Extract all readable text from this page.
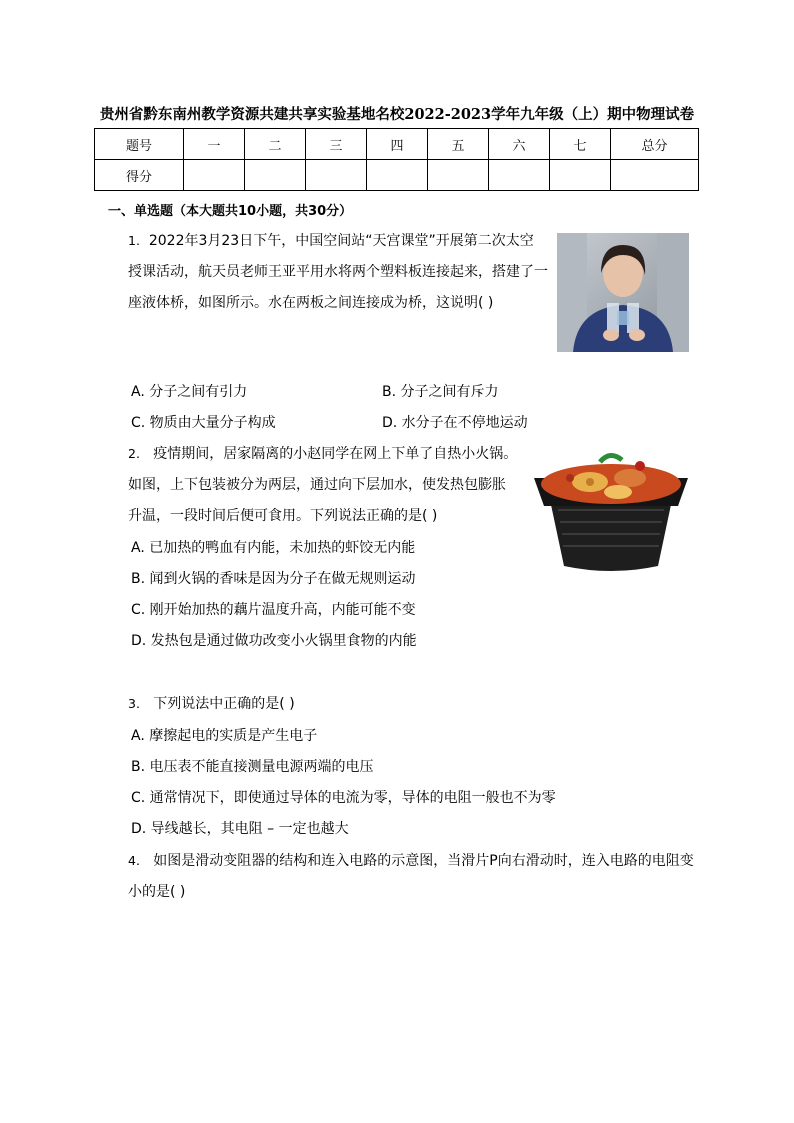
贵州省黔东南州教学资源共建共享实验基地名校2022-2023学年九年级（上）期中物理试卷
题号	一	二	三	四	五	六	七	总分
得分								
一、单选题（本大题共10小题，共30分）
1. 2022年3月23日下午，中国空间站“天宫课堂”开展第二次太空
授课活动，航天员老师王亚平用水将两个塑料板连接起来，搭建了一
座液体桥，如图所示。水在两板之间连接成为桥，这说明( )
A. 分子之间有引力	B. 分子之间有斥力
C. 物质由大量分子构成	D. 水分子在不停地运动
2. 疫情期间，居家隔离的小赵同学在网上下单了自热小火锅。
如图，上下包装被分为两层，通过向下层加水，使发热包膨胀
升温，一段时间后便可食用。下列说法正确的是( )
A. 已加热的鸭血有内能，未加热的虾饺无内能
B. 闻到火锅的香味是因为分子在做无规则运动
C. 刚开始加热的藕片温度升高，内能可能不变
D. 发热包是通过做功改变小火锅里食物的内能
3. 下列说法中正确的是( )
A. 摩擦起电的实质是产生电子
B. 电压表不能直接测量电源两端的电压
C. 通常情况下，即使通过导体的电流为零，导体的电阻一般也不为零
D. 导线越长，其电阻 – 一定也越大
4. 如图是滑动变阻器的结构和连入电路的示意图，当滑片P向右滑动时，连入电路的电阻变
小的是( )
